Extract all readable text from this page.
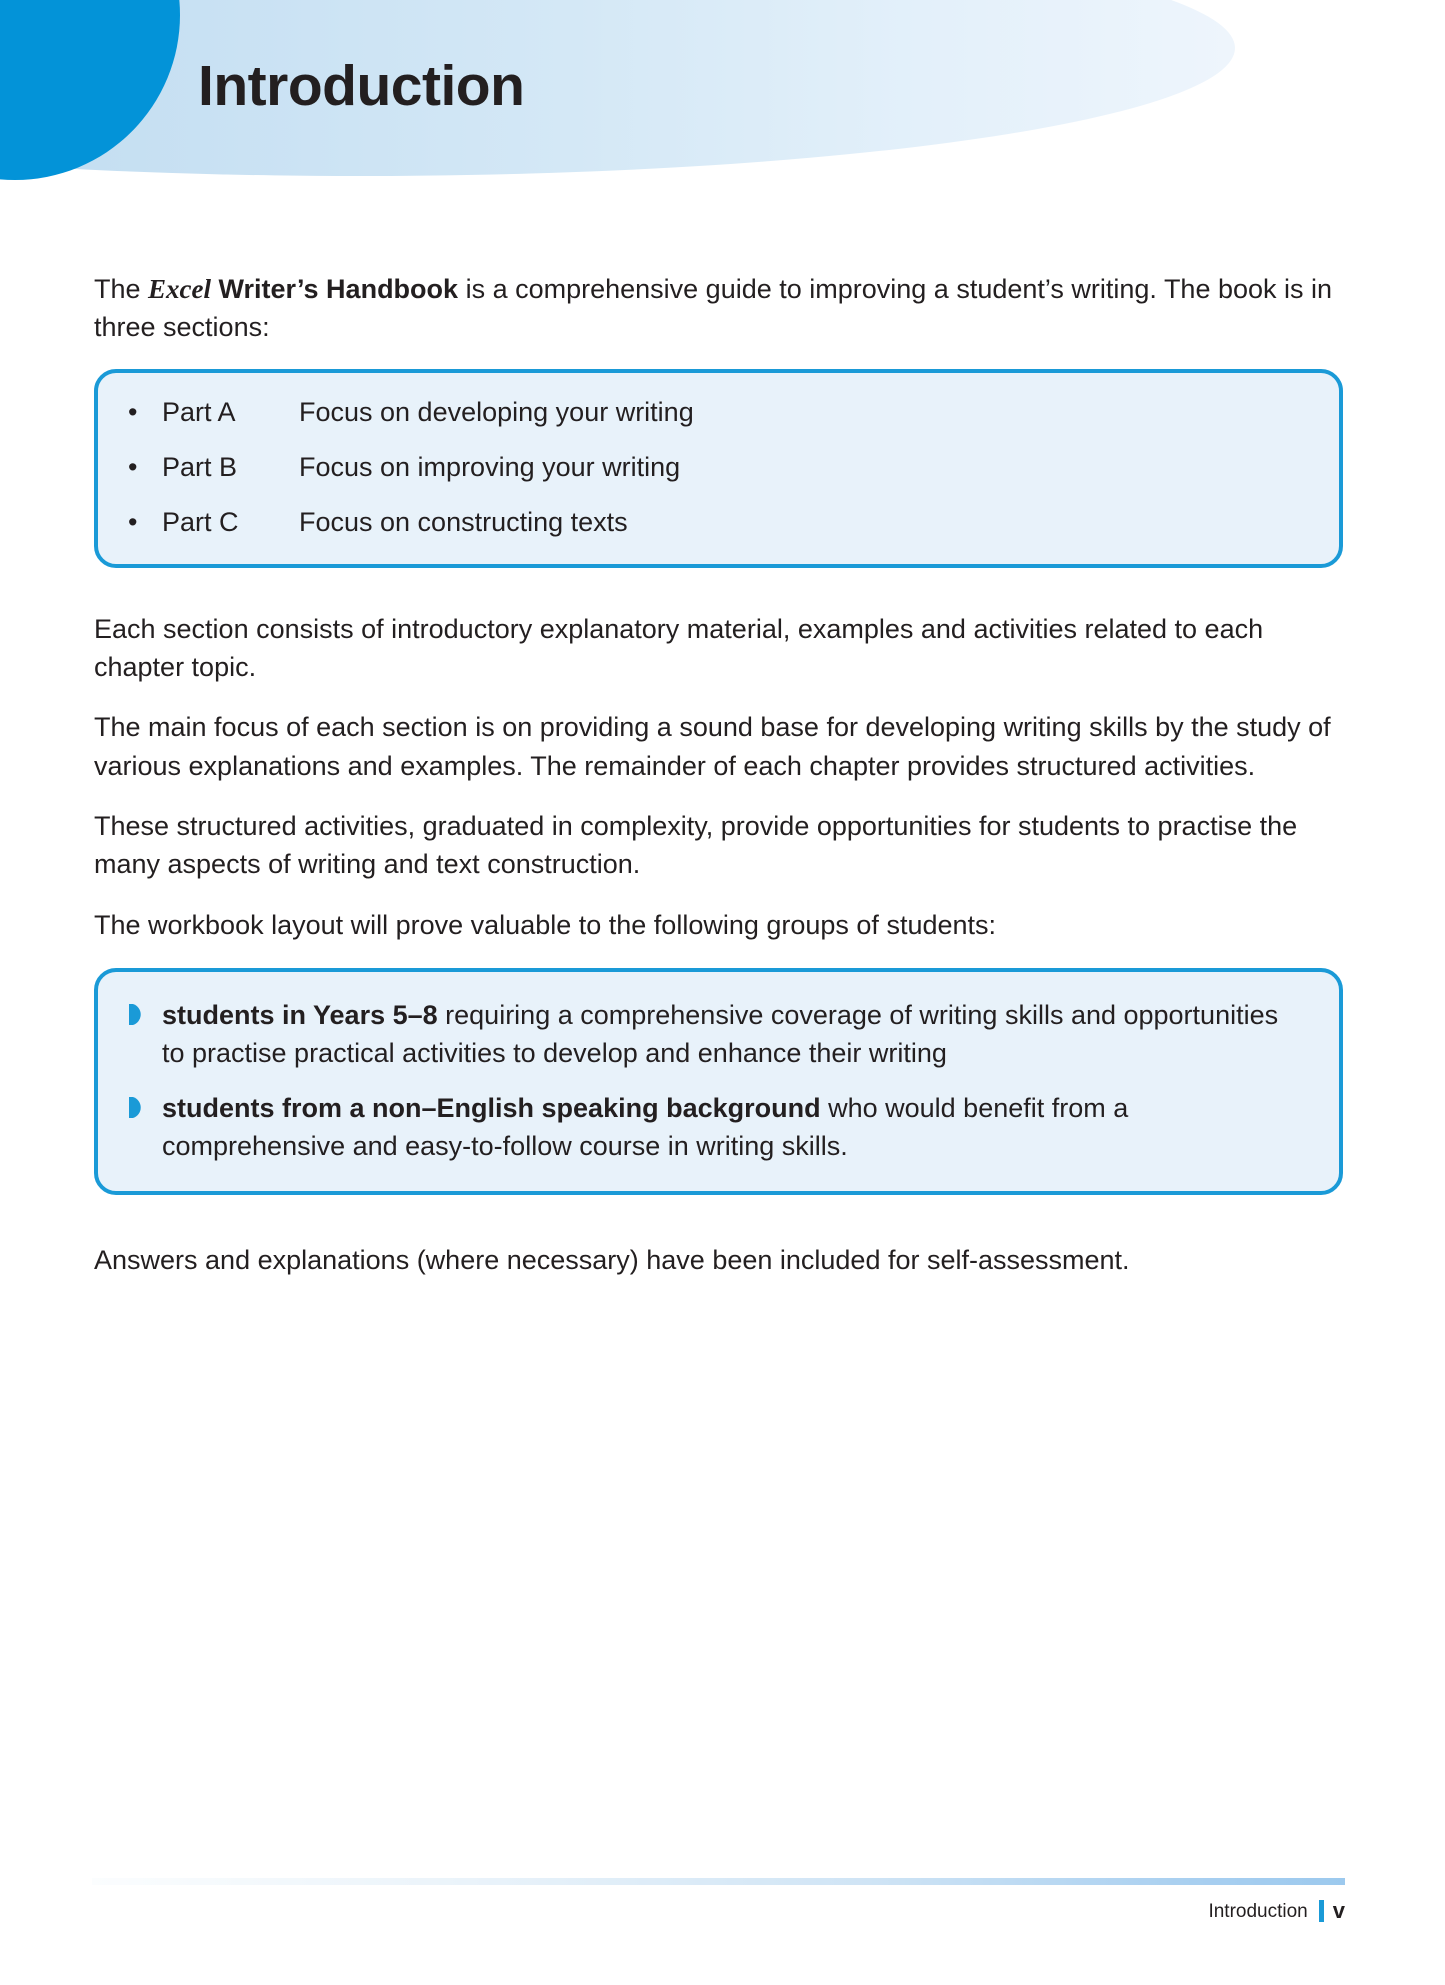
Introduction

The Excel Writer’s Handbook is a comprehensive guide to improving a student’s writing. The book is in three sections:

• Part A	Focus on developing your writing
• Part B	Focus on improving your writing
• Part C	Focus on constructing texts

Each section consists of introductory explanatory material, examples and activities related to each chapter topic.

The main focus of each section is on providing a sound base for developing writing skills by the study of various explanations and examples. The remainder of each chapter provides structured activities.

These structured activities, graduated in complexity, provide opportunities for students to practise the many aspects of writing and text construction.

The workbook layout will prove valuable to the following groups of students:

students in Years 5–8 requiring a comprehensive coverage of writing skills and opportunities to practise practical activities to develop and enhance their writing
students from a non–English speaking background who would benefit from a comprehensive and easy-to-follow course in writing skills.

Answers and explanations (where necessary) have been included for self-assessment.

Introduction v
